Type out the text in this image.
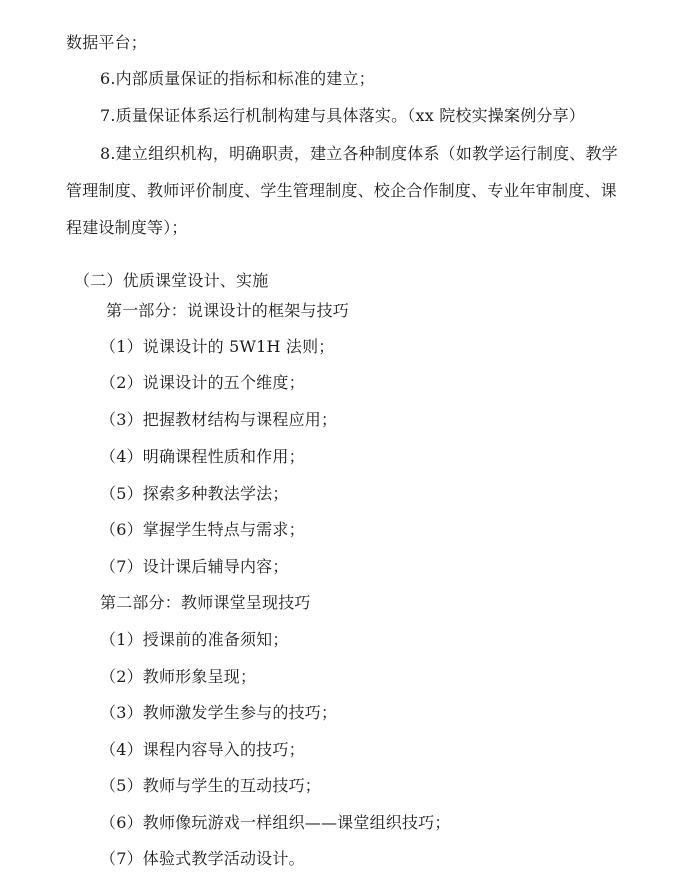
数据平台；
6.内部质量保证的指标和标准的建立；
7.质量保证体系运行机制构建与具体落实。（xx 院校实操案例分享）
8.建立组织机构，明确职责，建立各种制度体系（如教学运行制度、教学
管理制度、教师评价制度、学生管理制度、校企合作制度、专业年审制度、课
程建设制度等）；
（二）优质课堂设计、实施
第一部分：说课设计的框架与技巧
（1）说课设计的 5W1H 法则；
（2）说课设计的五个维度；
（3）把握教材结构与课程应用；
（4）明确课程性质和作用；
（5）探索多种教法学法；
（6）掌握学生特点与需求；
（7）设计课后辅导内容；
第二部分：教师课堂呈现技巧
（1）授课前的准备须知；
（2）教师形象呈现；
（3）教师激发学生参与的技巧；
（4）课程内容导入的技巧；
（5）教师与学生的互动技巧；
（6）教师像玩游戏一样组织——课堂组织技巧；
（7）体验式教学活动设计。
